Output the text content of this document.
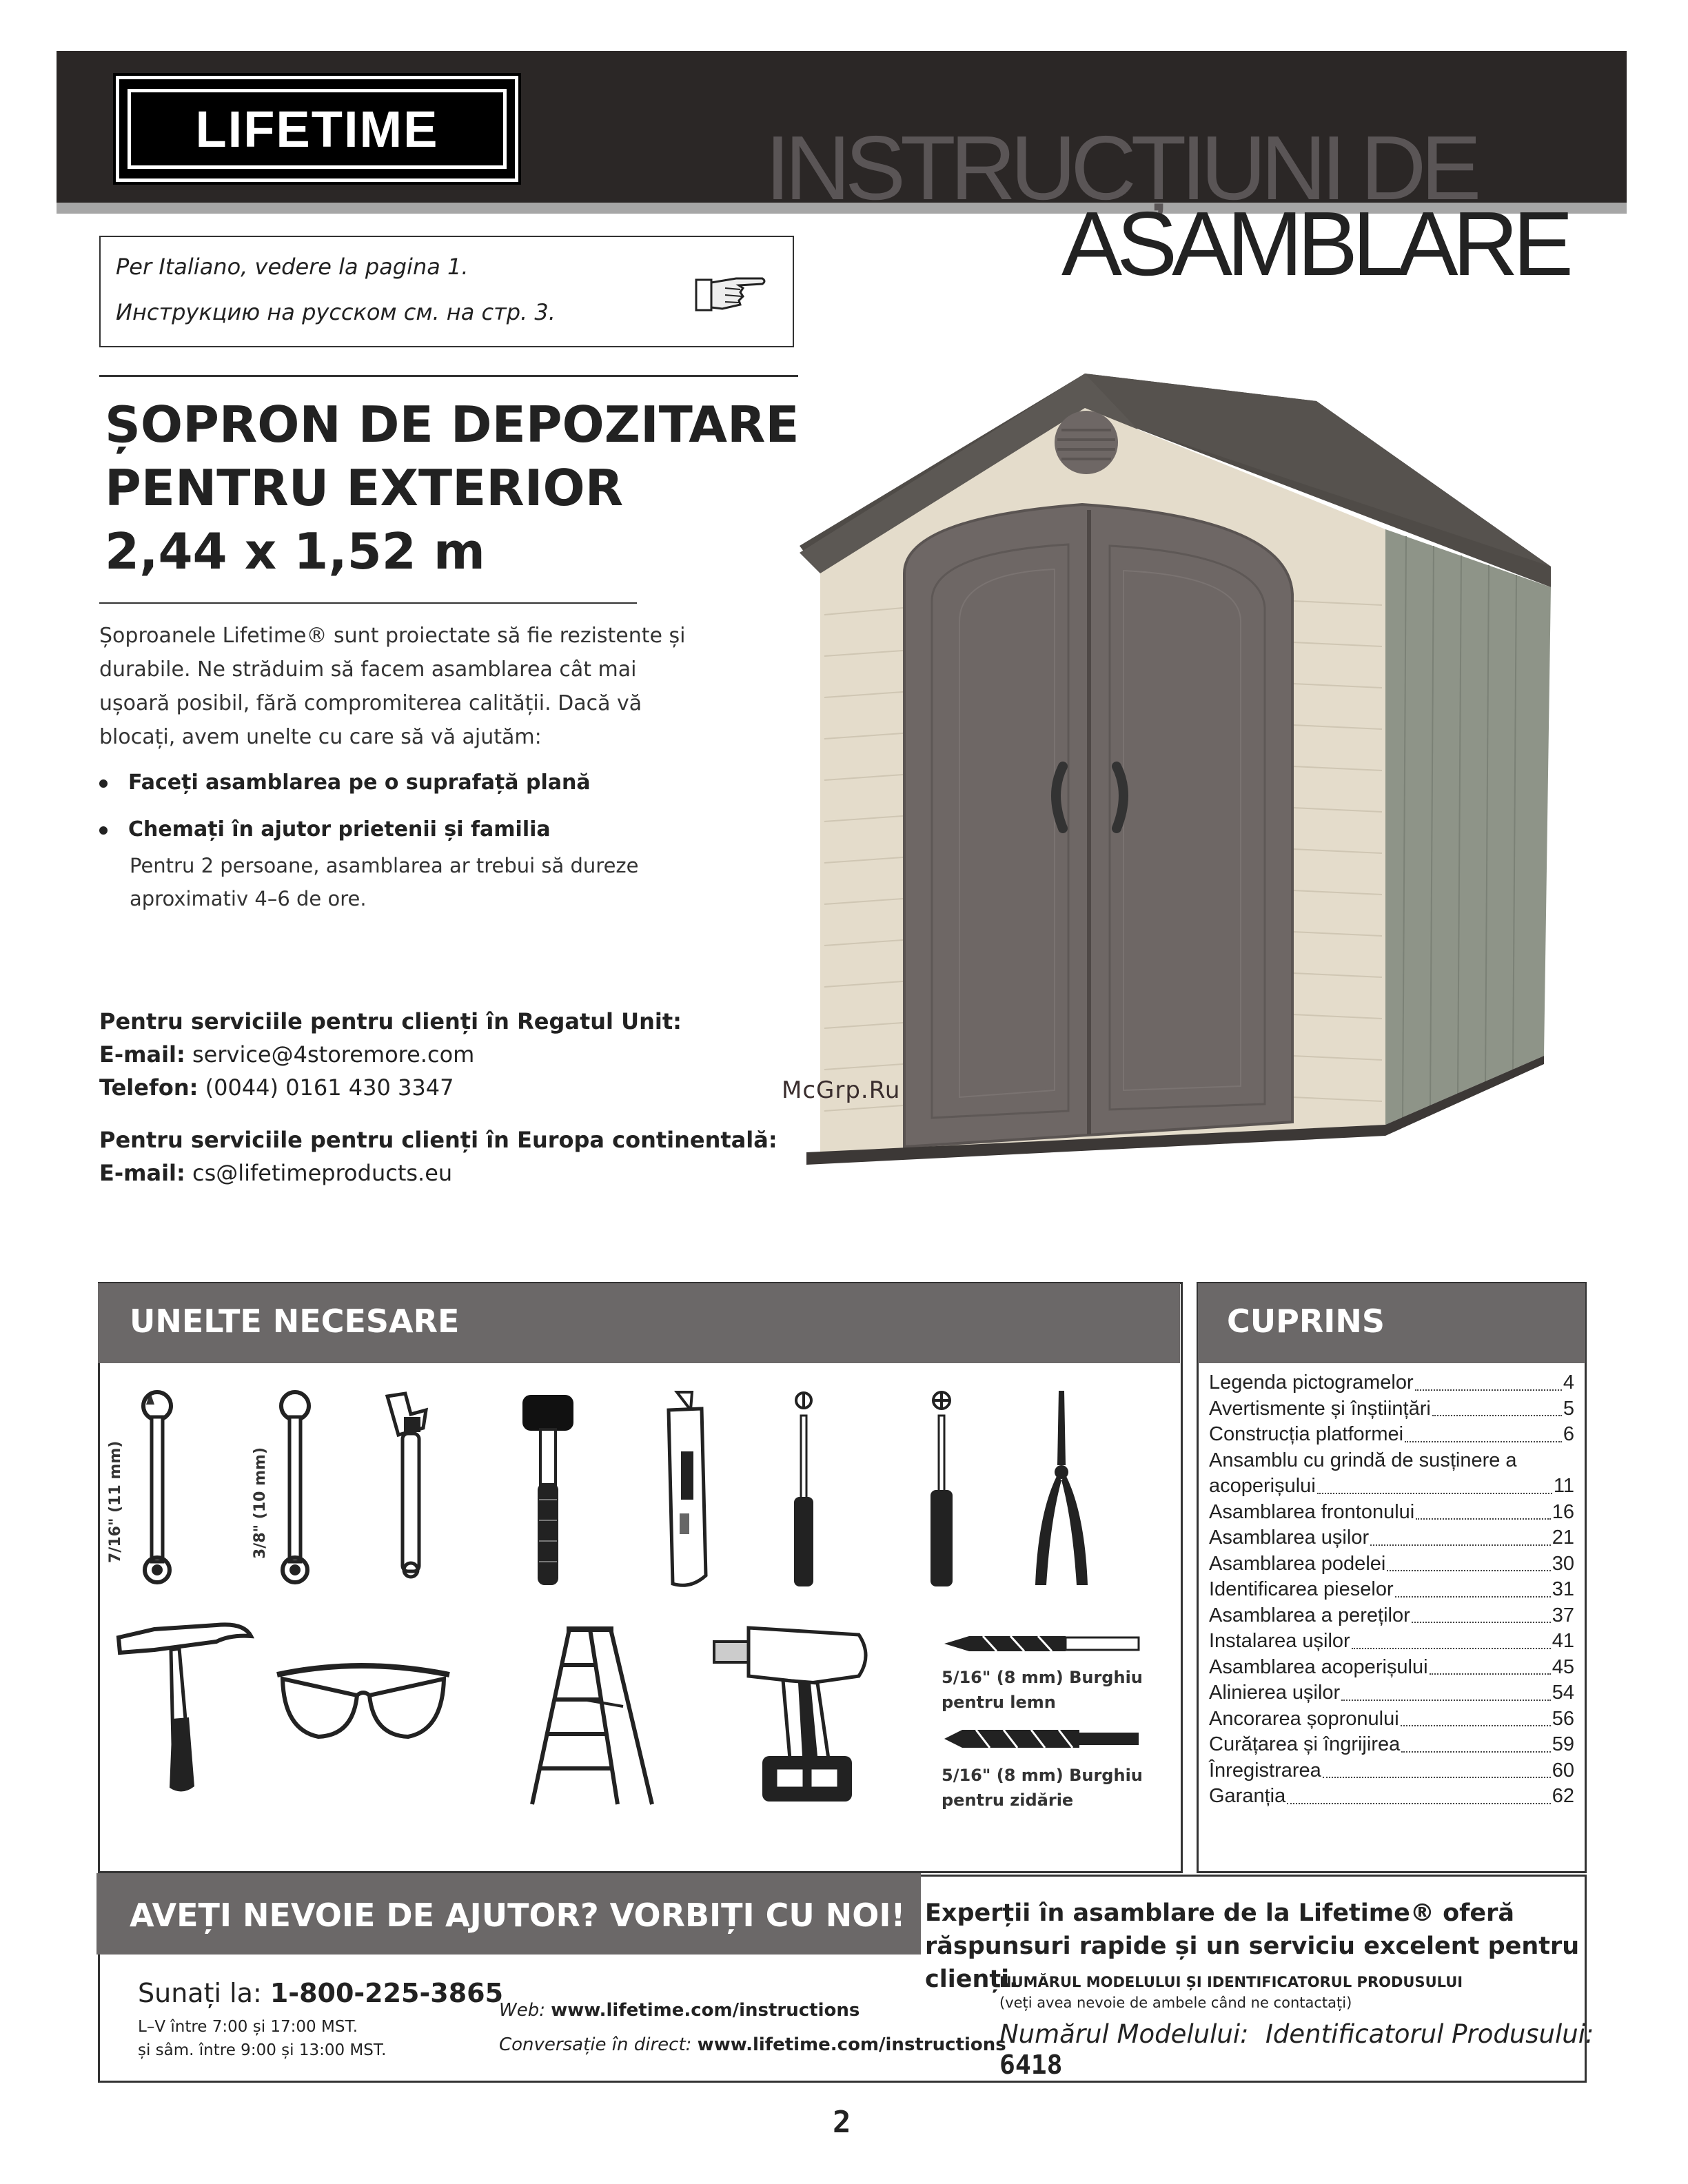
LIFETIME	INSTRUCȚIUNI DE
ASAMBLARE
Per Italiano, vedere la pagina 1.
Инструкцию на русском см. на стр. 3.
ȘOPRON DE DEPOZITARE
PENTRU EXTERIOR
2,44 x 1,52 m
Șoproanele Lifetime® sunt proiectate să fie rezistente și durabile. Ne străduim să facem asamblarea cât mai ușoară posibil, fără compromiterea calității. Dacă vă blocați, avem unelte cu care să vă ajutăm:
Faceți asamblarea pe o suprafață plană
Chemați în ajutor prietenii și familia
Pentru 2 persoane, asamblarea ar trebui să dureze aproximativ 4–6 de ore.
Pentru serviciile pentru clienți în Regatul Unit:
E-mail: service@4storemore.com
Telefon: (0044) 0161 430 3347
Pentru serviciile pentru clienți în Europa continentală:
E-mail: cs@lifetimeproducts.eu
McGrp.Ru
UNELTE NECESARE
7/16" (11 mm)	3/8" (10 mm)
5/16" (8 mm) Burghiu
pentru lemn
5/16" (8 mm) Burghiu
pentru zidărie
CUPRINS
Legenda pictogramelor	4
Avertismente și înștiințări	5
Construcția platformei	6
Ansamblu cu grindă de susținere a
acoperișului	11
Asamblarea frontonului	16
Asamblarea ușilor	21
Asamblarea podelei	30
Identificarea pieselor	31
Asamblarea a pereților	37
Instalarea ușilor	41
Asamblarea acoperișului	45
Alinierea ușilor	54
Ancorarea șopronului	56
Curățarea și îngrijirea	59
Înregistrarea	60
Garanția	62
AVEȚI NEVOIE DE AJUTOR? VORBIȚI CU NOI! Experții în asamblare de la Lifetime® oferă răspunsuri rapide și un serviciu excelent pentru clienți.
Sunați la: 1-800-225-3865
L–V între 7:00 și 17:00 MST.
și sâm. între 9:00 și 13:00 MST.
Web: www.lifetime.com/instructions
Conversație în direct: www.lifetime.com/instructions
NUMĂRUL MODELULUI ȘI IDENTIFICATORUL PRODUSULUI
(veți avea nevoie de ambele când ne contactați)
Numărul Modelului: Identificatorul Produsului:
6418
2
